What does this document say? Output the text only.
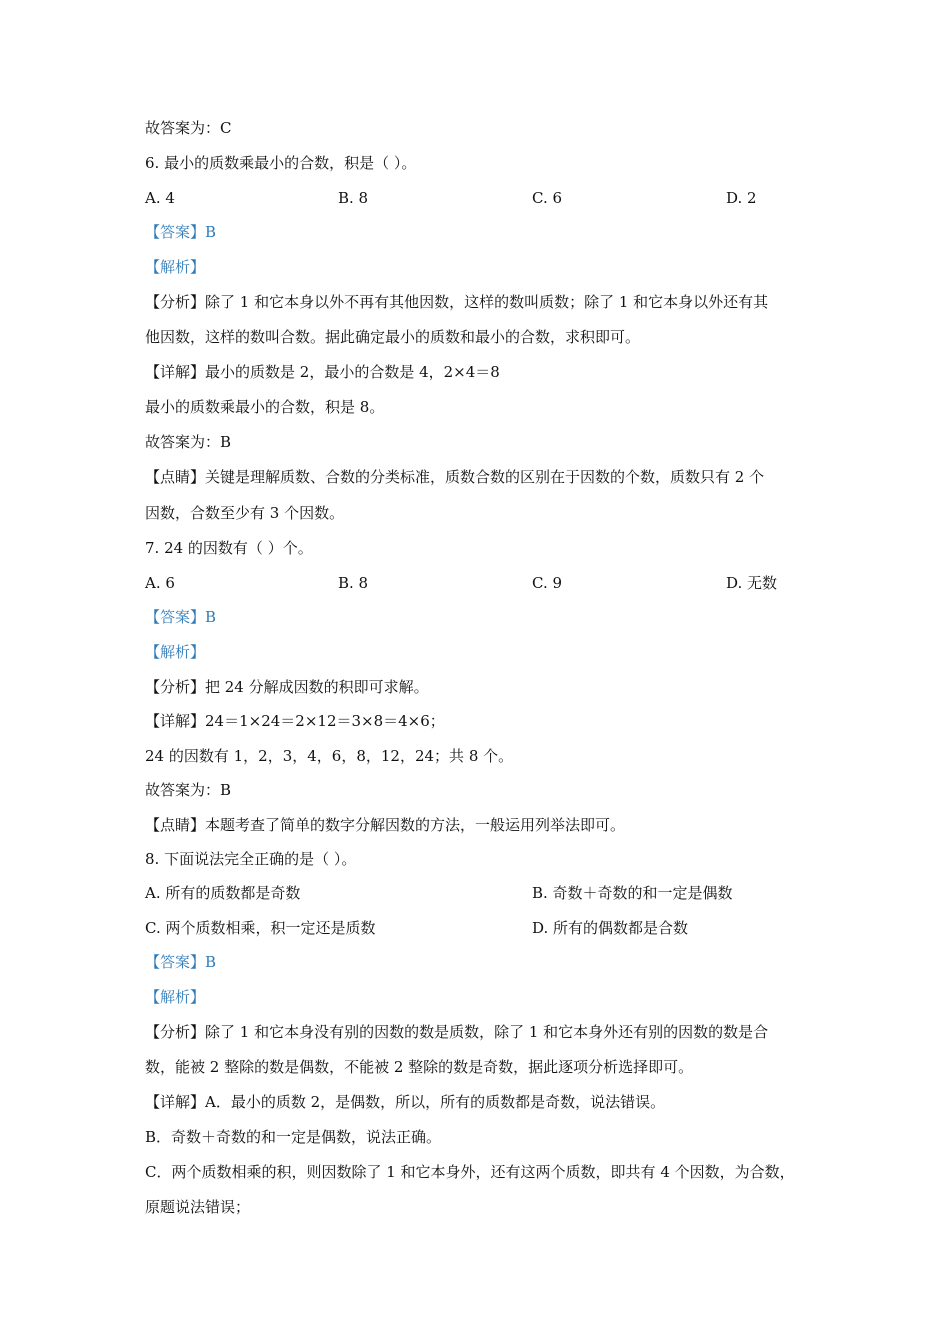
故答案为：C
6. 最小的质数乘最小的合数，积是（ ）。
A. 4	B. 8	C. 6	D. 2
【答案】B
【解析】
【分析】除了 1 和它本身以外不再有其他因数，这样的数叫质数；除了 1 和它本身以外还有其
他因数，这样的数叫合数。据此确定最小的质数和最小的合数，求积即可。
【详解】最小的质数是 2，最小的合数是 4，2×4＝8
最小的质数乘最小的合数，积是 8。
故答案为：B
【点睛】关键是理解质数、合数的分类标准，质数合数的区别在于因数的个数，质数只有 2 个
因数，合数至少有 3 个因数。
7. 24 的因数有（ ）个。
A. 6	B. 8	C. 9	D. 无数
【答案】B
【解析】
【分析】把 24 分解成因数的积即可求解。
【详解】24＝1×24＝2×12＝3×8＝4×6；
24 的因数有 1，2，3，4，6，8，12，24；共 8 个。
故答案为：B
【点睛】本题考查了简单的数字分解因数的方法，一般运用列举法即可。
8. 下面说法完全正确的是（ ）。
A. 所有的质数都是奇数	B. 奇数＋奇数的和一定是偶数
C. 两个质数相乘，积一定还是质数	D. 所有的偶数都是合数
【答案】B
【解析】
【分析】除了 1 和它本身没有别的因数的数是质数，除了 1 和它本身外还有别的因数的数是合
数，能被 2 整除的数是偶数，不能被 2 整除的数是奇数，据此逐项分析选择即可。
【详解】A．最小的质数 2，是偶数，所以，所有的质数都是奇数，说法错误。
B．奇数＋奇数的和一定是偶数，说法正确。
C．两个质数相乘的积，则因数除了 1 和它本身外，还有这两个质数，即共有 4 个因数，为合数，
原题说法错误；
